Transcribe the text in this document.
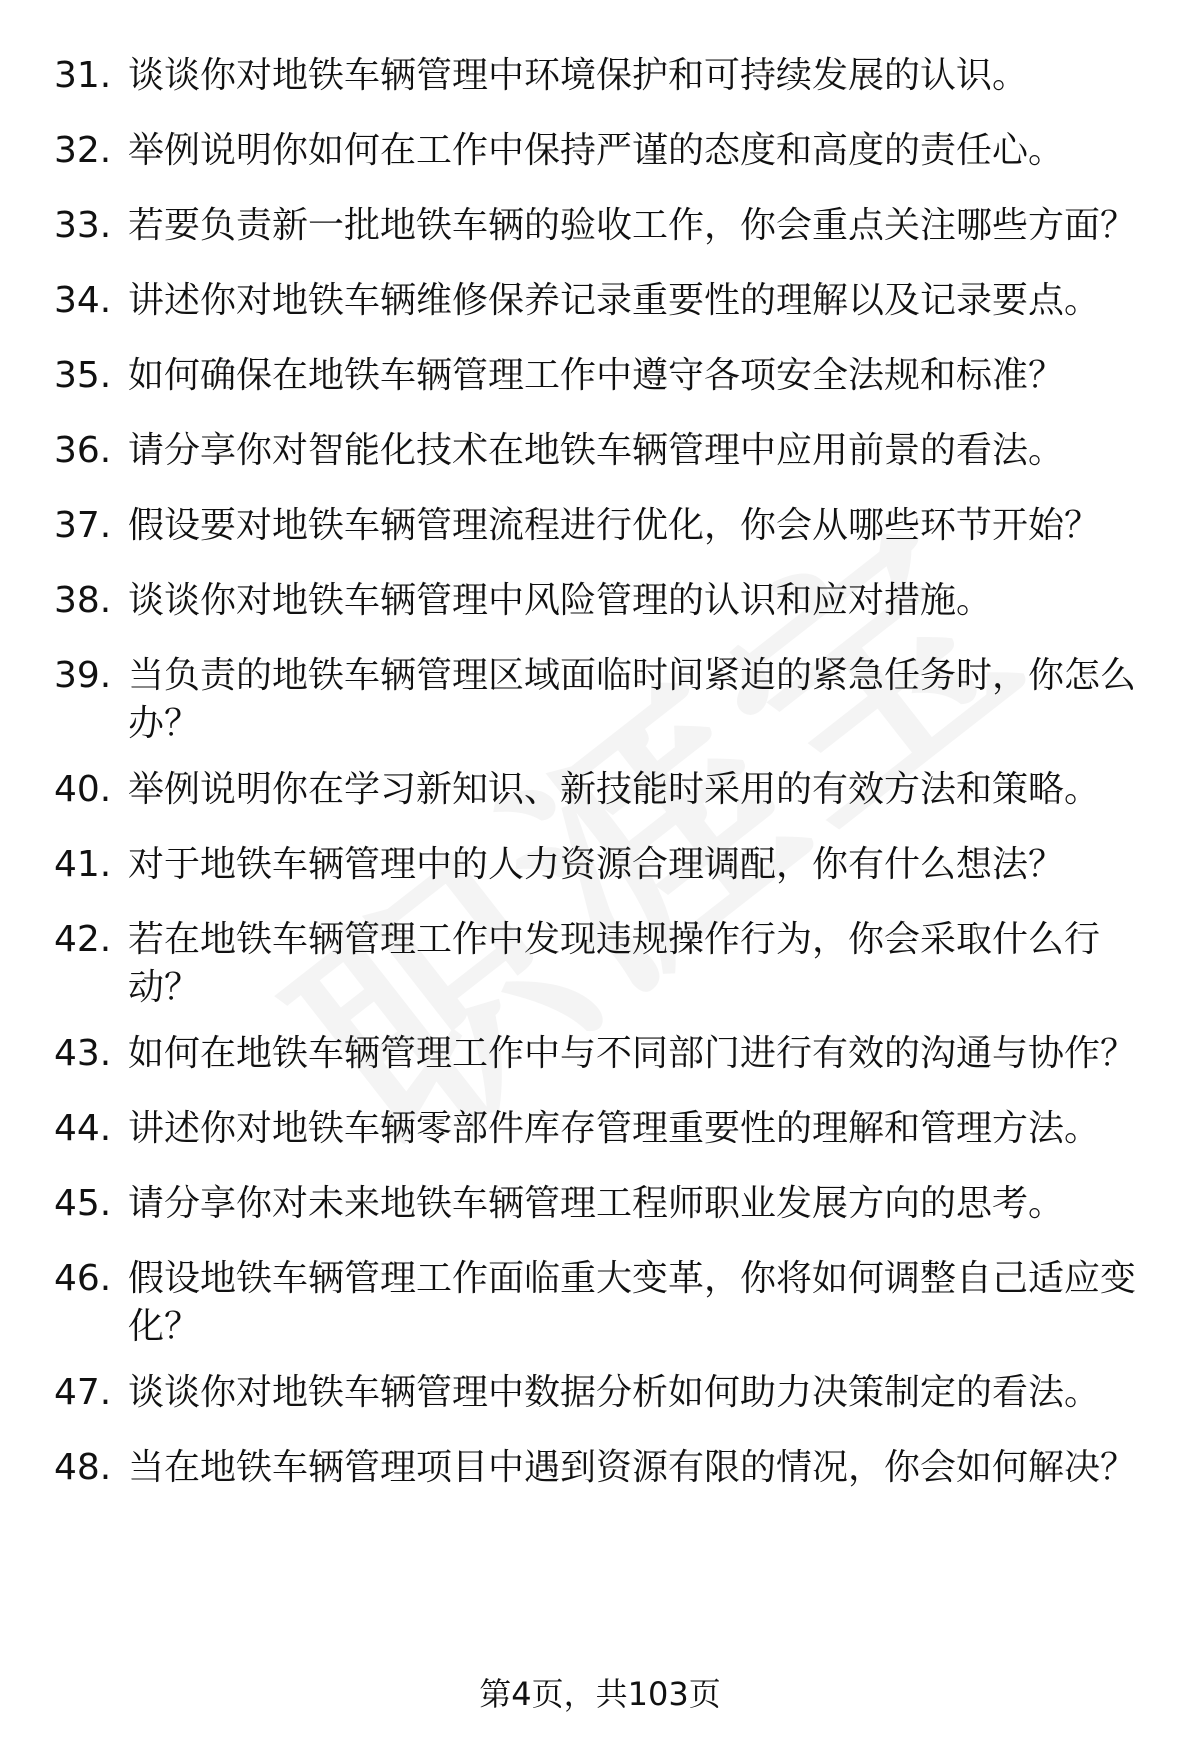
31. 谈谈你对地铁车辆管理中环境保护和可持续发展的认识。
32. 举例说明你如何在工作中保持严谨的态度和高度的责任心。
33. 若要负责新一批地铁车辆的验收工作，你会重点关注哪些方面？
34. 讲述你对地铁车辆维修保养记录重要性的理解以及记录要点。
35. 如何确保在地铁车辆管理工作中遵守各项安全法规和标准？
36. 请分享你对智能化技术在地铁车辆管理中应用前景的看法。
37. 假设要对地铁车辆管理流程进行优化，你会从哪些环节开始？
38. 谈谈你对地铁车辆管理中风险管理的认识和应对措施。
39. 当负责的地铁车辆管理区域面临时间紧迫的紧急任务时，你怎么办？
40. 举例说明你在学习新知识、新技能时采用的有效方法和策略。
41. 对于地铁车辆管理中的人力资源合理调配，你有什么想法？
42. 若在地铁车辆管理工作中发现违规操作行为，你会采取什么行动？
43. 如何在地铁车辆管理工作中与不同部门进行有效的沟通与协作？
44. 讲述你对地铁车辆零部件库存管理重要性的理解和管理方法。
45. 请分享你对未来地铁车辆管理工程师职业发展方向的思考。
46. 假设地铁车辆管理工作面临重大变革，你将如何调整自己适应变化？
47. 谈谈你对地铁车辆管理中数据分析如何助力决策制定的看法。
48. 当在地铁车辆管理项目中遇到资源有限的情况，你会如何解决？
第4页，共103页
